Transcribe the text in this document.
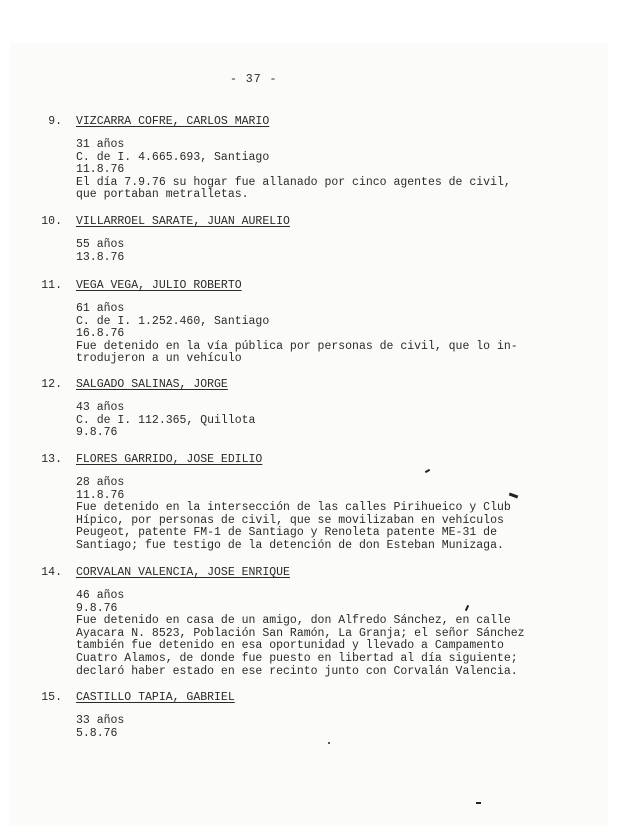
- 37 -
9. VIZCARRA COFRE, CARLOS MARIO
31 años
C. de I. 4.665.693, Santiago
11.8.76
El día 7.9.76 su hogar fue allanado por cinco agentes de civil,
que portaban metralletas.
10. VILLARROEL SARATE, JUAN AURELIO
55 años
13.8.76
11. VEGA VEGA, JULIO ROBERTO
61 años
C. de I. 1.252.460, Santiago
16.8.76
Fue detenido en la vía pública por personas de civil, que lo in-
trodujeron a un vehículo
12. SALGADO SALINAS, JORGE
43 años
C. de I. 112.365, Quillota
9.8.76
13. FLORES GARRIDO, JOSE EDILIO
28 años
11.8.76
Fue detenido en la intersección de las calles Pirihueico y Club
Hípico, por personas de civil, que se movilizaban en vehículos
Peugeot, patente FM-1 de Santiago y Renoleta patente ME-31 de
Santiago; fue testigo de la detención de don Esteban Munizaga.
14. CORVALAN VALENCIA, JOSE ENRIQUE
46 años
9.8.76
Fue detenido en casa de un amigo, don Alfredo Sánchez, en calle
Ayacara N. 8523, Población San Ramón, La Granja; el señor Sánchez
también fue detenido en esa oportunidad y llevado a Campamento
Cuatro Alamos, de donde fue puesto en libertad al día siguiente;
declaró haber estado en ese recinto junto con Corvalán Valencia.
15. CASTILLO TAPIA, GABRIEL
33 años
5.8.76
